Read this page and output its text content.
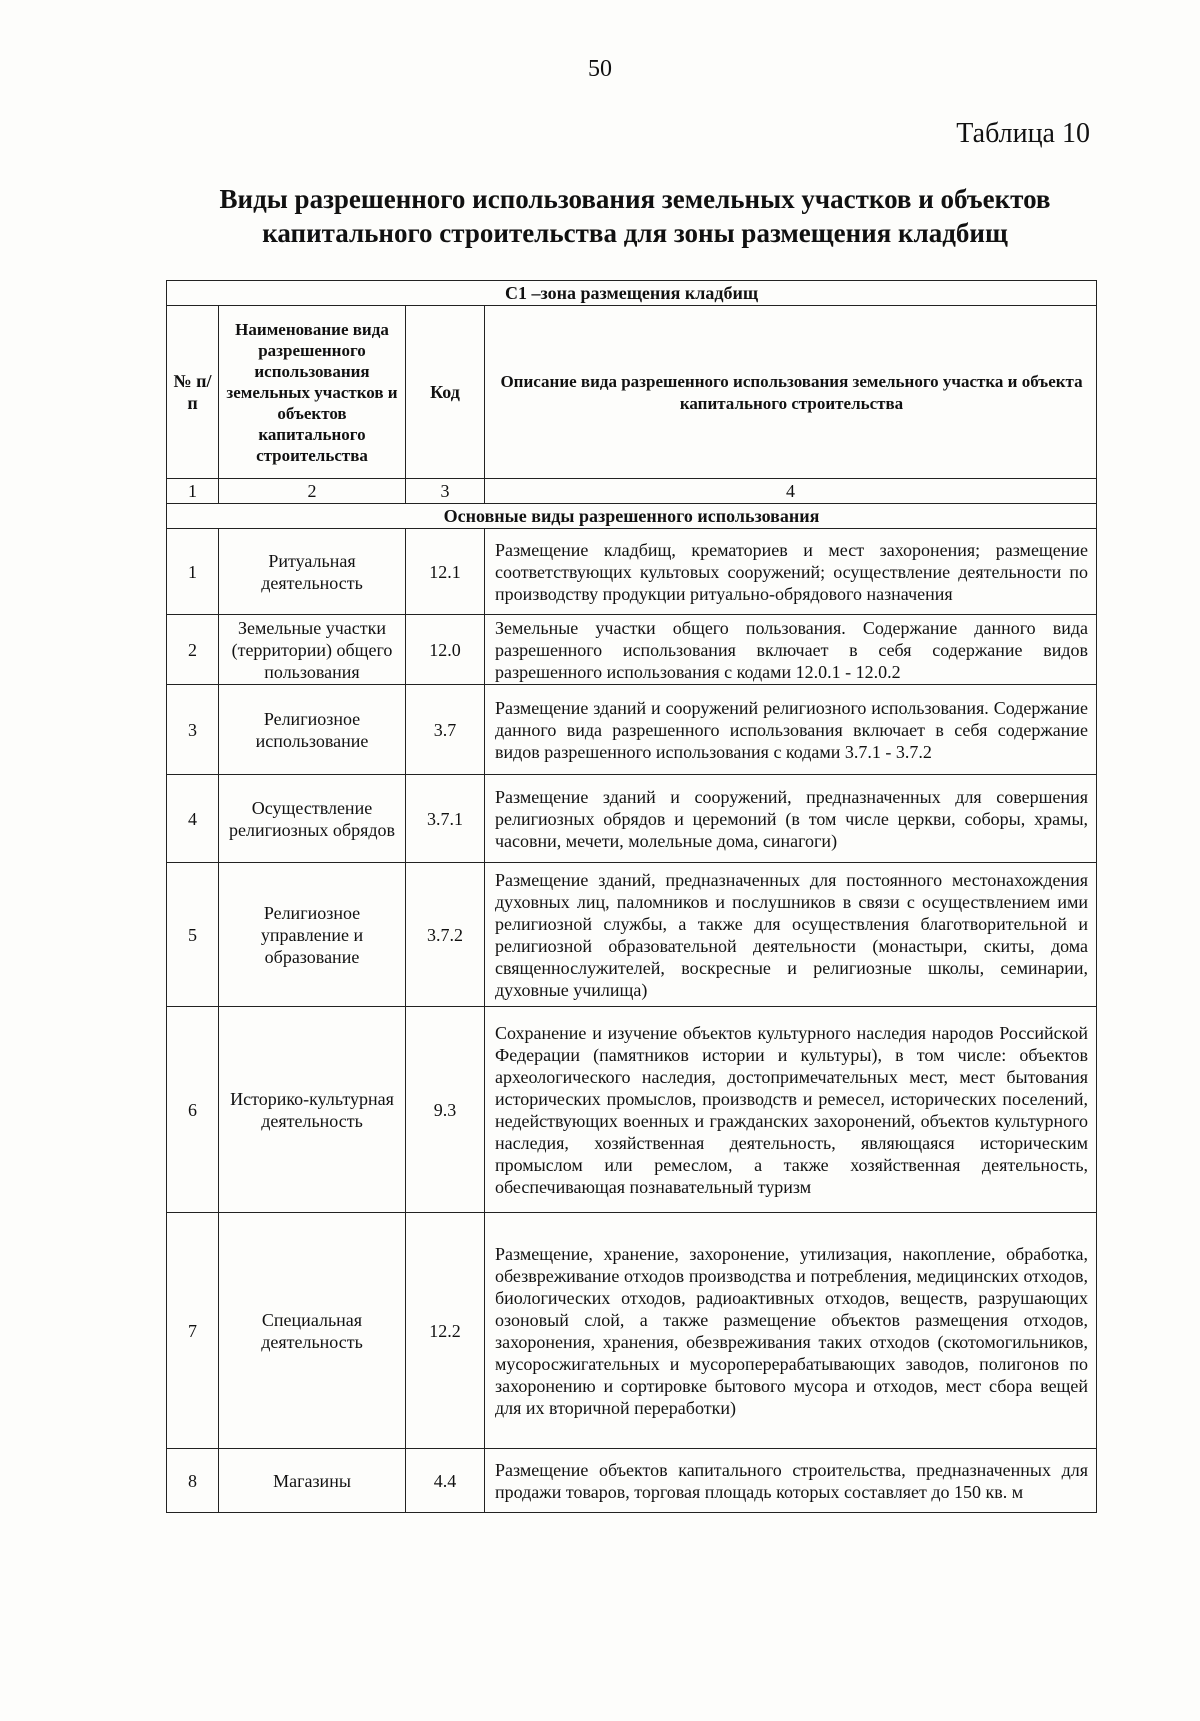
50
Таблица 10
Виды разрешенного использования земельных участков и объектов
капитального строительства для зоны размещения кладбищ
С1 –зона размещения кладбищ			
№ п/п	Наименование вида разрешенного использования земельных участков и объектов капитального строительства	Код	Описание вида разрешенного использования земельного участка и объекта капитального строительства
1	2	3	4
Основные виды разрешенного использования			
1	Ритуальная деятельность	12.1	Размещение кладбищ, крематориев и мест захоронения; размещение соответствующих культовых сооружений; осуществление деятельности по производству продукции ритуально-обрядового назначения
2	Земельные участки (территории) общего пользования	12.0	Земельные участки общего пользования. Содержание данного вида разрешенного использования включает в себя содержание видов разрешенного использования с кодами 12.0.1 - 12.0.2
3	Религиозное использование	3.7	Размещение зданий и сооружений религиозного использования. Содержание данного вида разрешенного использования включает в себя содержание видов разрешенного использования с кодами 3.7.1 - 3.7.2
4	Осуществление религиозных обрядов	3.7.1	Размещение зданий и сооружений, предназначенных для совершения религиозных обрядов и церемоний (в том числе церкви, соборы, храмы, часовни, мечети, молельные дома, синагоги)
5	Религиозное управление и образование	3.7.2	Размещение зданий, предназначенных для постоянного местонахождения духовных лиц, паломников и послушников в связи с осуществлением ими религиозной службы, а также для осуществления благотворительной и религиозной образовательной деятельности (монастыри, скиты, дома священнослужителей, воскресные и религиозные школы, семинарии, духовные училища)
6	Историко-культурная деятельность	9.3	Сохранение и изучение объектов культурного наследия народов Российской Федерации (памятников истории и культуры), в том числе: объектов археологического наследия, достопримечательных мест, мест бытования исторических промыслов, производств и ремесел, исторических поселений, недействующих военных и гражданских захоронений, объектов культурного наследия, хозяйственная деятельность, являющаяся историческим промыслом или ремеслом, а также хозяйственная деятельность, обеспечивающая познавательный туризм
7	Специальная деятельность	12.2	Размещение, хранение, захоронение, утилизация, накопление, обработка, обезвреживание отходов производства и потребления, медицинских отходов, биологических отходов, радиоактивных отходов, веществ, разрушающих озоновый слой, а также размещение объектов размещения отходов, захоронения, хранения, обезвреживания таких отходов (скотомогильников, мусоросжигательных и мусороперерабатывающих заводов, полигонов по захоронению и сортировке бытового мусора и отходов, мест сбора вещей для их вторичной переработки)
8	Магазины	4.4	Размещение объектов капитального строительства, предназначенных для продажи товаров, торговая площадь которых составляет до 150 кв. м
